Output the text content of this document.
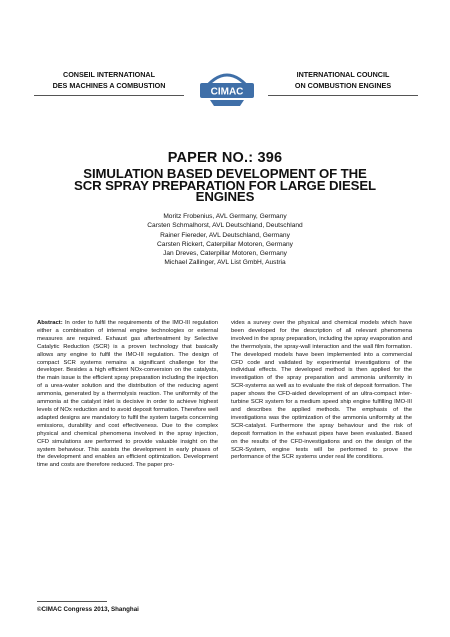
CONSEIL INTERNATIONAL
DES MACHINES A COMBUSTION
CIMAC
INTERNATIONAL COUNCIL
ON COMBUSTION ENGINES
PAPER NO.: 396
SIMULATION BASED DEVELOPMENT OF THE
SCR SPRAY PREPARATION FOR LARGE DIESEL
ENGINES
Moritz Frobenius, AVL Germany, Germany
Carsten Schmalhorst, AVL Deutschland, Deutschland
Rainer Fiereder, AVL Deutschland, Germany
Carsten Rickert, Caterpillar Motoren, Germany
Jan Dreves, Caterpillar Motoren, Germany
Michael Zallinger, AVL List GmbH, Austria
Abstract: In order to fulfil the requirements of the IMO-III regulation either a combination of internal engine technologies or external measures are required. Exhaust gas aftertreatment by Selective Catalytic Reduction (SCR) is a proven technology that basically allows any engine to fulfil the IMO-III regulation. The design of compact SCR systems remains a significant challenge for the developer. Besides a high efficient NOx-conversion on the catalysts, the main issue is the efficient spray preparation including the injection of a urea-water solution and the distribution of the reducing agent ammonia, generated by a thermolysis reaction. The uniformity of the ammonia at the catalyst inlet is decisive in order to achieve highest levels of NOx reduction and to avoid deposit formation. Therefore well adapted designs are mandatory to fulfil the system targets concerning emissions, durability and cost effectiveness. Due to the complex physical and chemical phenomena involved in the spray injection, CFD simulations are performed to provide valuable insight on the system behaviour. This assists the development in early phases of the development and enables an efficient optimization. Development time and costs are therefore reduced. The paper pro-
vides a survey over the physical and chemical models which have been developed for the description of all relevant phenomena involved in the spray preparation, including the spray evaporation and the thermolysis, the spray-wall interaction and the wall film formation. The developed models have been implemented into a commercial CFD code and validated by experimental investigations of the individual effects. The developed method is then applied for the investigation of the spray preparation and ammonia uniformity in SCR-systems as well as to evaluate the risk of deposit formation. The paper shows the CFD-aided development of an ultra-compact inter-turbine SCR system for a medium speed ship engine fulfilling IMO-III and describes the applied methods. The emphasis of the investigations was the optimization of the ammonia uniformity at the SCR-catalyst. Furthermore the spray behaviour and the risk of deposit formation in the exhaust pipes have been evaluated. Based on the results of the CFD-investigations and on the design of the SCR-System, engine tests will be performed to prove the performance of the SCR systems under real life conditions.
©CIMAC Congress 2013, Shanghai
